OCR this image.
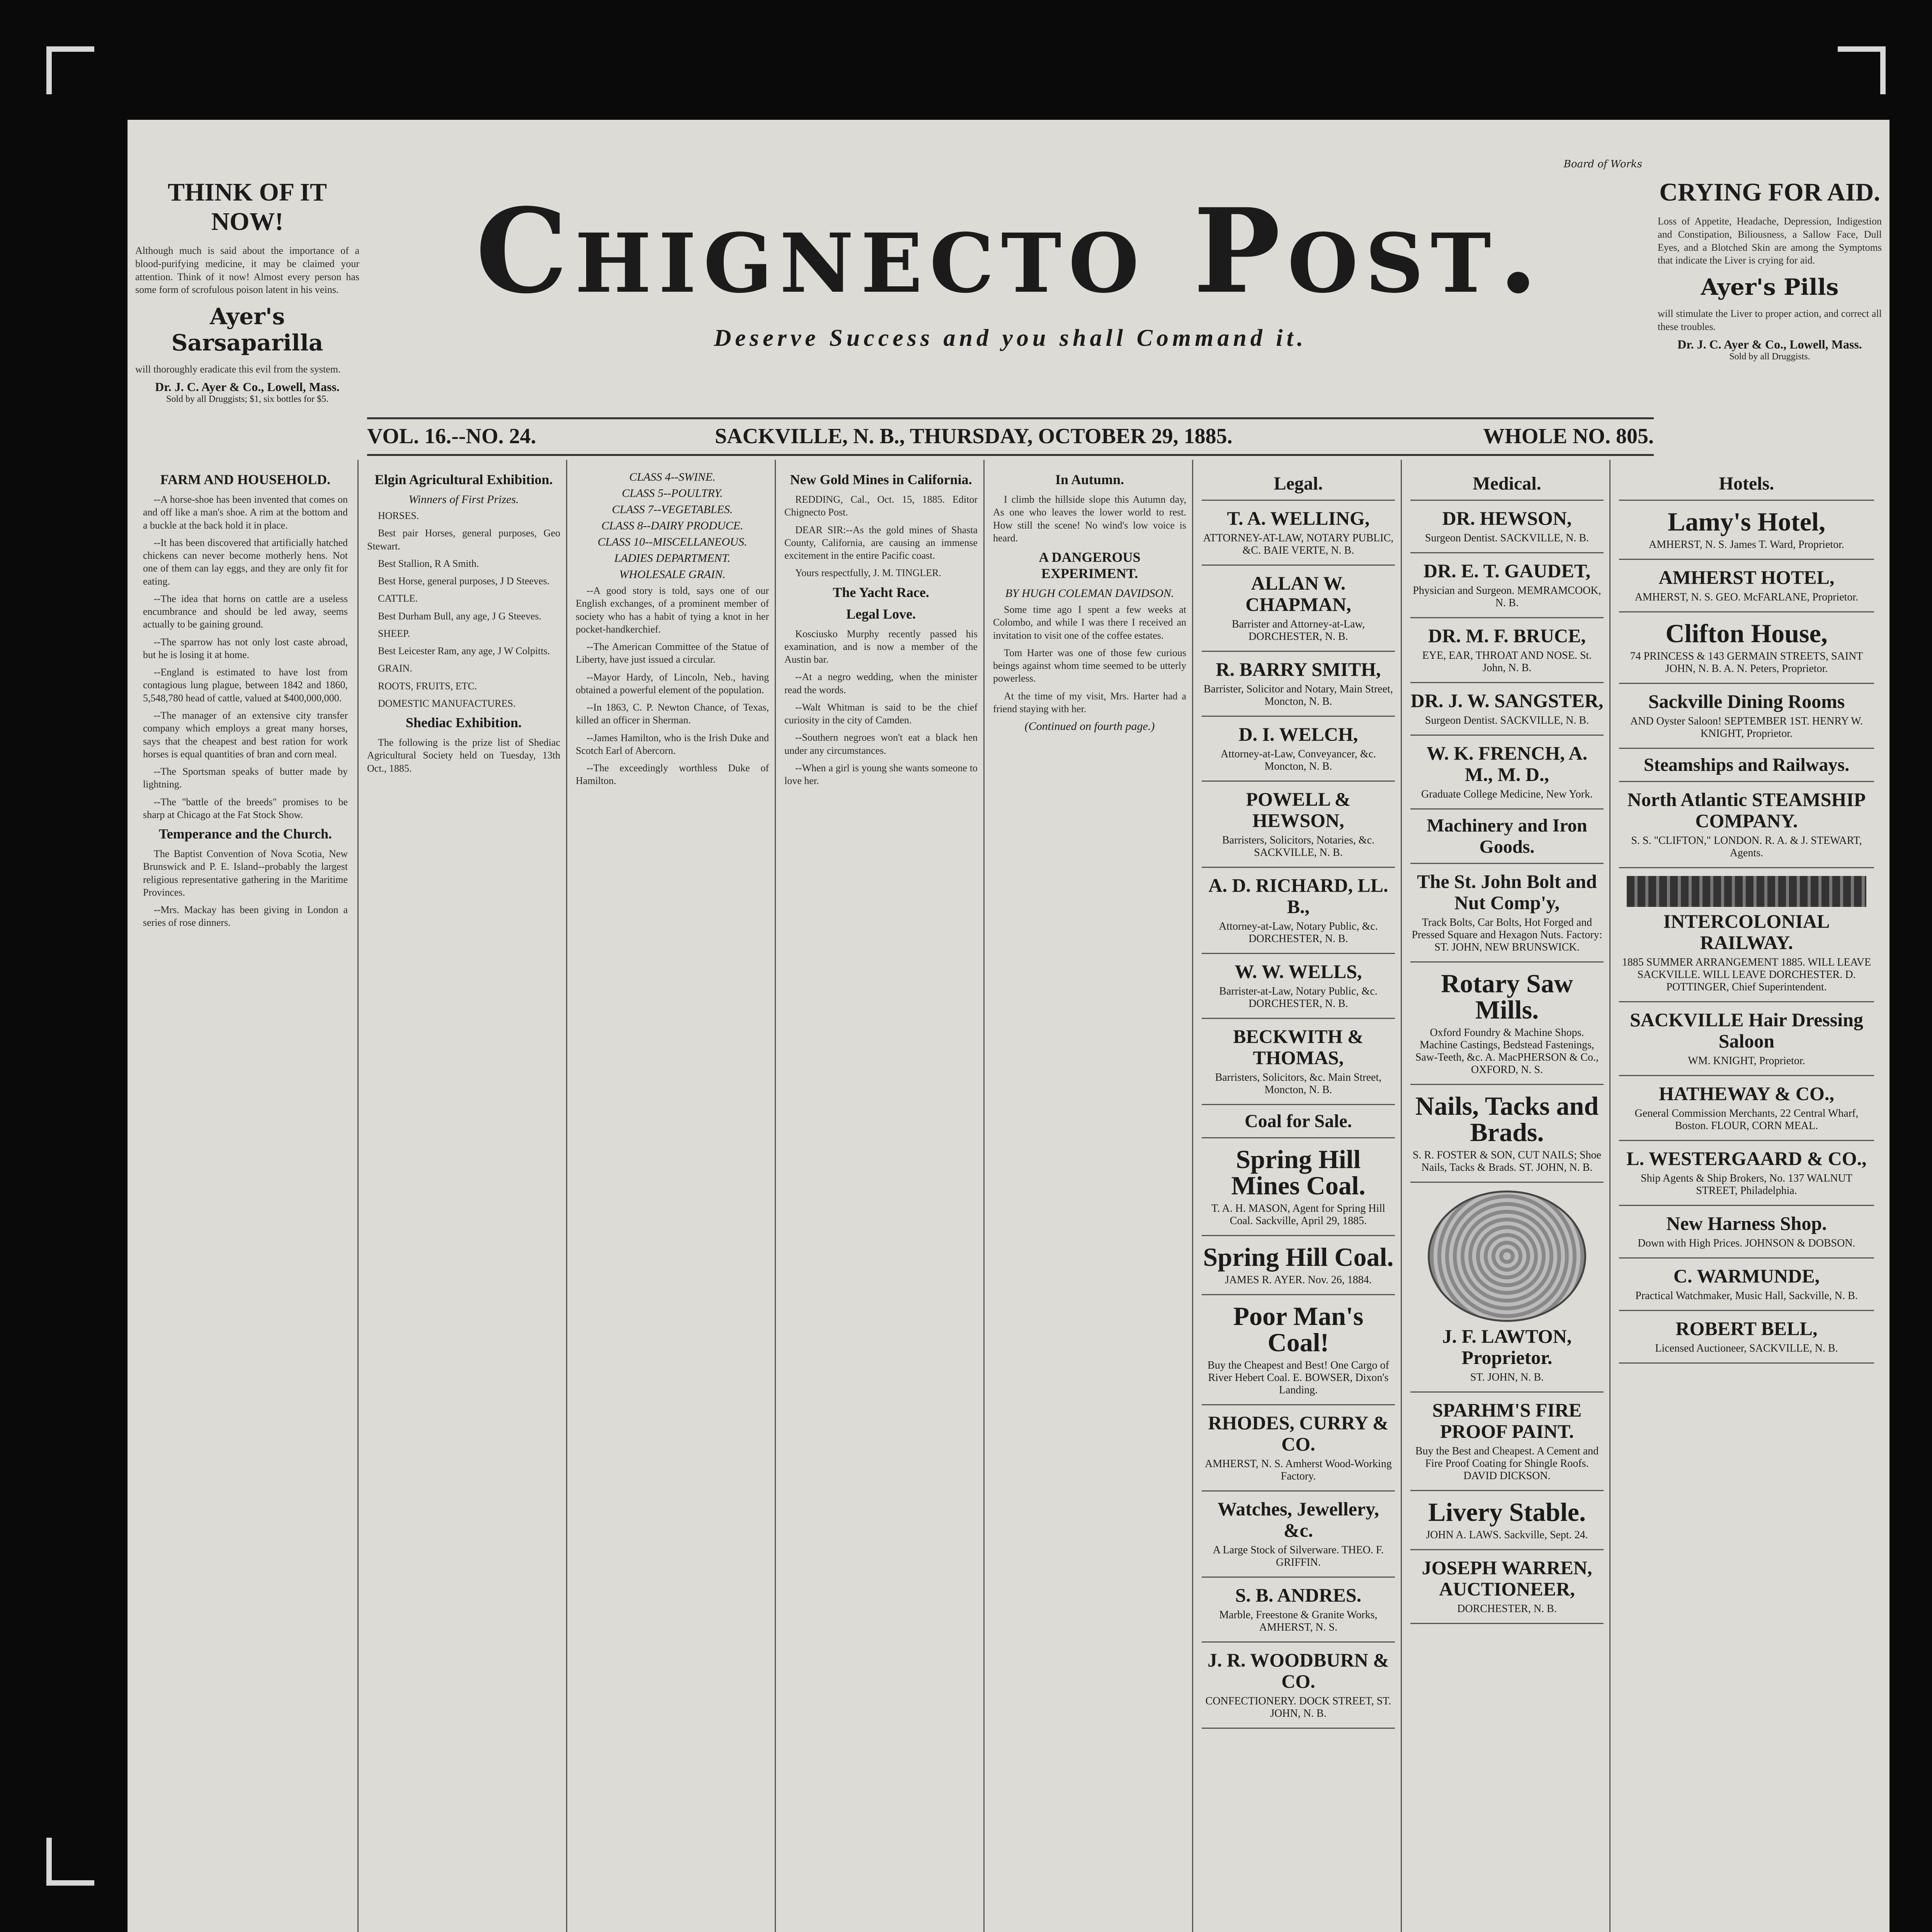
Board of Works
THINK OF IT NOW!
Although much is said about the importance of a blood-purifying medicine, it may be claimed your attention. Think of it now! Almost every person has some form of scrofulous poison latent in his veins.
Ayer's Sarsaparilla
will thoroughly eradicate this evil from the system.
Dr. J. C. Ayer & Co., Lowell, Mass.
Sold by all Druggists; $1, six bottles for $5.
Chignecto Post.
Deserve Success and you shall Command it.
CRYING FOR AID.
Loss of Appetite, Headache, Depression, Indigestion and Constipation, Biliousness, a Sallow Face, Dull Eyes, and a Blotched Skin are among the Symptoms that indicate the Liver is crying for aid.
Ayer's Pills
will stimulate the Liver to proper action, and correct all these troubles.
Dr. J. C. Ayer & Co., Lowell, Mass.
Sold by all Druggists.
VOL. 16.--NO. 24.	SACKVILLE, N. B., THURSDAY, OCTOBER 29, 1885.	WHOLE NO. 805.
FARM AND HOUSEHOLD.

--A horse-shoe has been invented that comes on and off like a man's shoe. A rim at the bottom and a buckle at the back hold it in place.

--It has been discovered that artificially hatched chickens can never become motherly hens. Not one of them can lay eggs, and they are only fit for eating.

--The idea that horns on cattle are a useless encumbrance and should be led away, seems actually to be gaining ground.

--The sparrow has not only lost caste abroad, but he is losing it at home.

--England is estimated to have lost from contagious lung plague, between 1842 and 1860, 5,548,780 head of cattle, valued at $400,000,000.

--The manager of an extensive city transfer company which employs a great many horses, says that the cheapest and best ration for work horses is equal quantities of bran and corn meal.

--The Sportsman speaks of butter made by lightning.

--The "battle of the breeds" promises to be sharp at Chicago at the Fat Stock Show.

Temperance and the Church.

The Baptist Convention of Nova Scotia, New Brunswick and P. E. Island--probably the largest religious representative gathering in the Maritime Provinces.

--Mrs. Mackay has been giving in London a series of rose dinners.

Elgin Agricultural Exhibition.
Winners of First Prizes.

HORSES.

Best pair Horses, general purposes, Geo Stewart.

Best Stallion, R A Smith.

Best Horse, general purposes, J D Steeves.

CATTLE.

Best Durham Bull, any age, J G Steeves.

SHEEP.

Best Leicester Ram, any age, J W Colpitts.

GRAIN.

ROOTS, FRUITS, ETC.

DOMESTIC MANUFACTURES.

Shediac Exhibition.

The following is the prize list of Shediac Agricultural Society held on Tuesday, 13th Oct., 1885.

CLASS 4--SWINE.
CLASS 5--POULTRY.
CLASS 7--VEGETABLES.
CLASS 8--DAIRY PRODUCE.
CLASS 10--MISCELLANEOUS.
LADIES DEPARTMENT.
WHOLESALE GRAIN.

--A good story is told, says one of our English exchanges, of a prominent member of society who has a habit of tying a knot in her pocket-handkerchief.

--The American Committee of the Statue of Liberty, have just issued a circular.

--Mayor Hardy, of Lincoln, Neb., having obtained a powerful element of the population.

--In 1863, C. P. Newton Chance, of Texas, killed an officer in Sherman.

--James Hamilton, who is the Irish Duke and Scotch Earl of Abercorn.

--The exceedingly worthless Duke of Hamilton.

New Gold Mines in California.

REDDING, Cal., Oct. 15, 1885. Editor Chignecto Post.

DEAR SIR:--As the gold mines of Shasta County, California, are causing an immense excitement in the entire Pacific coast.

Yours respectfully, J. M. TINGLER.

The Yacht Race.
Legal Love.

Kosciusko Murphy recently passed his examination, and is now a member of the Austin bar.

--At a negro wedding, when the minister read the words.

--Walt Whitman is said to be the chief curiosity in the city of Camden.

--Southern negroes won't eat a black hen under any circumstances.

--When a girl is young she wants someone to love her.

In Autumn.

I climb the hillside slope this Autumn day, As one who leaves the lower world to rest. How still the scene! No wind's low voice is heard.

A DANGEROUS EXPERIMENT.
BY HUGH COLEMAN DAVIDSON.

Some time ago I spent a few weeks at Colombo, and while I was there I received an invitation to visit one of the coffee estates.

Tom Harter was one of those few curious beings against whom time seemed to be utterly powerless.

At the time of my visit, Mrs. Harter had a friend staying with her.

(Continued on fourth page.)
Legal.
T. A. WELLING,
ATTORNEY-AT-LAW, NOTARY PUBLIC, &C. BAIE VERTE, N. B.
ALLAN W. CHAPMAN,
Barrister and Attorney-at-Law, DORCHESTER, N. B.
R. BARRY SMITH,
Barrister, Solicitor and Notary, Main Street, Moncton, N. B.
D. I. WELCH,
Attorney-at-Law, Conveyancer, &c. Moncton, N. B.
POWELL & HEWSON,
Barristers, Solicitors, Notaries, &c. SACKVILLE, N. B.
A. D. RICHARD, LL. B.,
Attorney-at-Law, Notary Public, &c. DORCHESTER, N. B.
W. W. WELLS,
Barrister-at-Law, Notary Public, &c. DORCHESTER, N. B.
BECKWITH & THOMAS,
Barristers, Solicitors, &c. Main Street, Moncton, N. B.
Coal for Sale.
Spring Hill Mines Coal.
T. A. H. MASON, Agent for Spring Hill Coal. Sackville, April 29, 1885.
Spring Hill Coal.
JAMES R. AYER. Nov. 26, 1884.
Poor Man's Coal!
Buy the Cheapest and Best! One Cargo of River Hebert Coal. E. BOWSER, Dixon's Landing.
RHODES, CURRY & CO.
AMHERST, N. S. Amherst Wood-Working Factory.
Watches, Jewellery, &c.
A Large Stock of Silverware. THEO. F. GRIFFIN.
S. B. ANDRES.
Marble, Freestone & Granite Works, AMHERST, N. S.
J. R. WOODBURN & CO.
CONFECTIONERY. DOCK STREET, ST. JOHN, N. B.
Medical.
DR. HEWSON,
Surgeon Dentist. SACKVILLE, N. B.
DR. E. T. GAUDET,
Physician and Surgeon. MEMRAMCOOK, N. B.
DR. M. F. BRUCE,
EYE, EAR, THROAT AND NOSE. St. John, N. B.
DR. J. W. SANGSTER,
Surgeon Dentist. SACKVILLE, N. B.
W. K. FRENCH, A. M., M. D.,
Graduate College Medicine, New York.
Machinery and Iron Goods.
The St. John Bolt and Nut Comp'y,
Track Bolts, Car Bolts, Hot Forged and Pressed Square and Hexagon Nuts. Factory: ST. JOHN, NEW BRUNSWICK.
Rotary Saw Mills.
Oxford Foundry & Machine Shops. Machine Castings, Bedstead Fastenings, Saw-Teeth, &c. A. MacPHERSON & Co., OXFORD, N. S.
Nails, Tacks and Brads.
S. R. FOSTER & SON, CUT NAILS; Shoe Nails, Tacks & Brads. ST. JOHN, N. B.
J. F. LAWTON, Proprietor.
ST. JOHN, N. B.
SPARHM'S FIRE PROOF PAINT.
Buy the Best and Cheapest. A Cement and Fire Proof Coating for Shingle Roofs. DAVID DICKSON.
Livery Stable.
JOHN A. LAWS. Sackville, Sept. 24.
JOSEPH WARREN, AUCTIONEER,
DORCHESTER, N. B.
Hotels.
Lamy's Hotel,
AMHERST, N. S. James T. Ward, Proprietor.
AMHERST HOTEL,
AMHERST, N. S. GEO. McFARLANE, Proprietor.
Clifton House,
74 PRINCESS & 143 GERMAIN STREETS, SAINT JOHN, N. B. A. N. Peters, Proprietor.
Sackville Dining Rooms
AND Oyster Saloon! SEPTEMBER 1ST. HENRY W. KNIGHT, Proprietor.
Steamships and Railways.
North Atlantic STEAMSHIP COMPANY.
S. S. "CLIFTON," LONDON. R. A. & J. STEWART, Agents.
INTERCOLONIAL RAILWAY.
1885 SUMMER ARRANGEMENT 1885. WILL LEAVE SACKVILLE. WILL LEAVE DORCHESTER. D. POTTINGER, Chief Superintendent.
SACKVILLE Hair Dressing Saloon
WM. KNIGHT, Proprietor.
HATHEWAY & CO.,
General Commission Merchants, 22 Central Wharf, Boston. FLOUR, CORN MEAL.
L. WESTERGAARD & CO.,
Ship Agents & Ship Brokers, No. 137 WALNUT STREET, Philadelphia.
New Harness Shop.
Down with High Prices. JOHNSON & DOBSON.
C. WARMUNDE,
Practical Watchmaker, Music Hall, Sackville, N. B.
ROBERT BELL,
Licensed Auctioneer, SACKVILLE, N. B.
